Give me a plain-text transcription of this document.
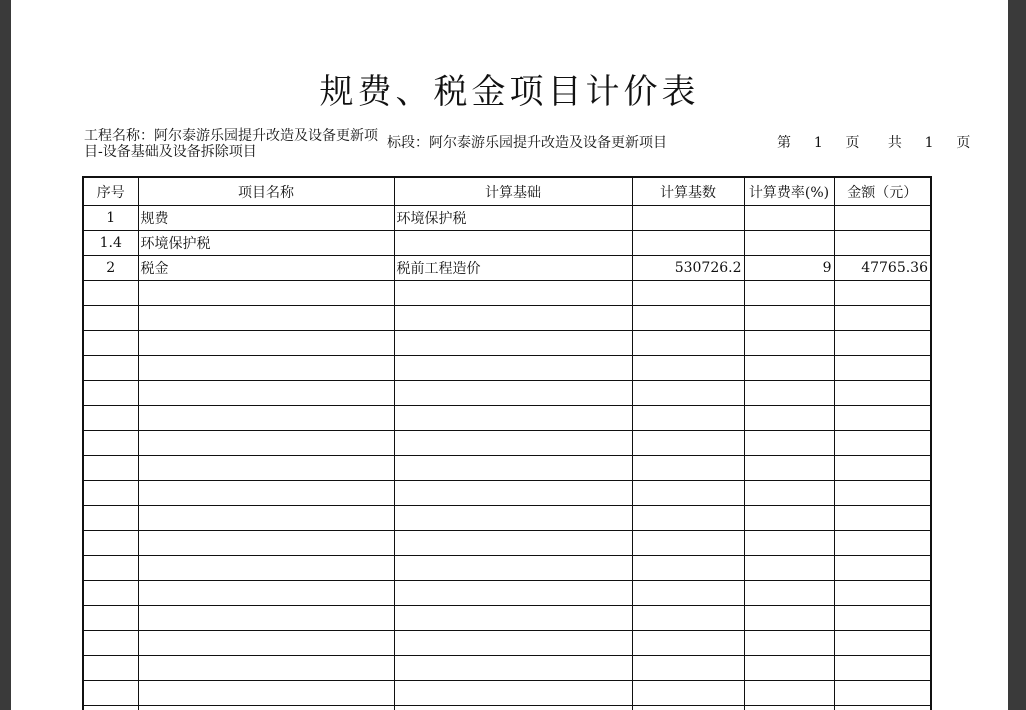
规费、税金项目计价表
工程名称：阿尔泰游乐园提升改造及设备更新项目-设备基础及设备拆除项目
标段：阿尔泰游乐园提升改造及设备更新项目	第 1 页 共 1 页
序号	项目名称	计算基础	计算基数	计算费率(%)	金额（元）
1	规费	环境保护税			
1.4	环境保护税				
2	税金	税前工程造价	530726.2	9	47765.36
